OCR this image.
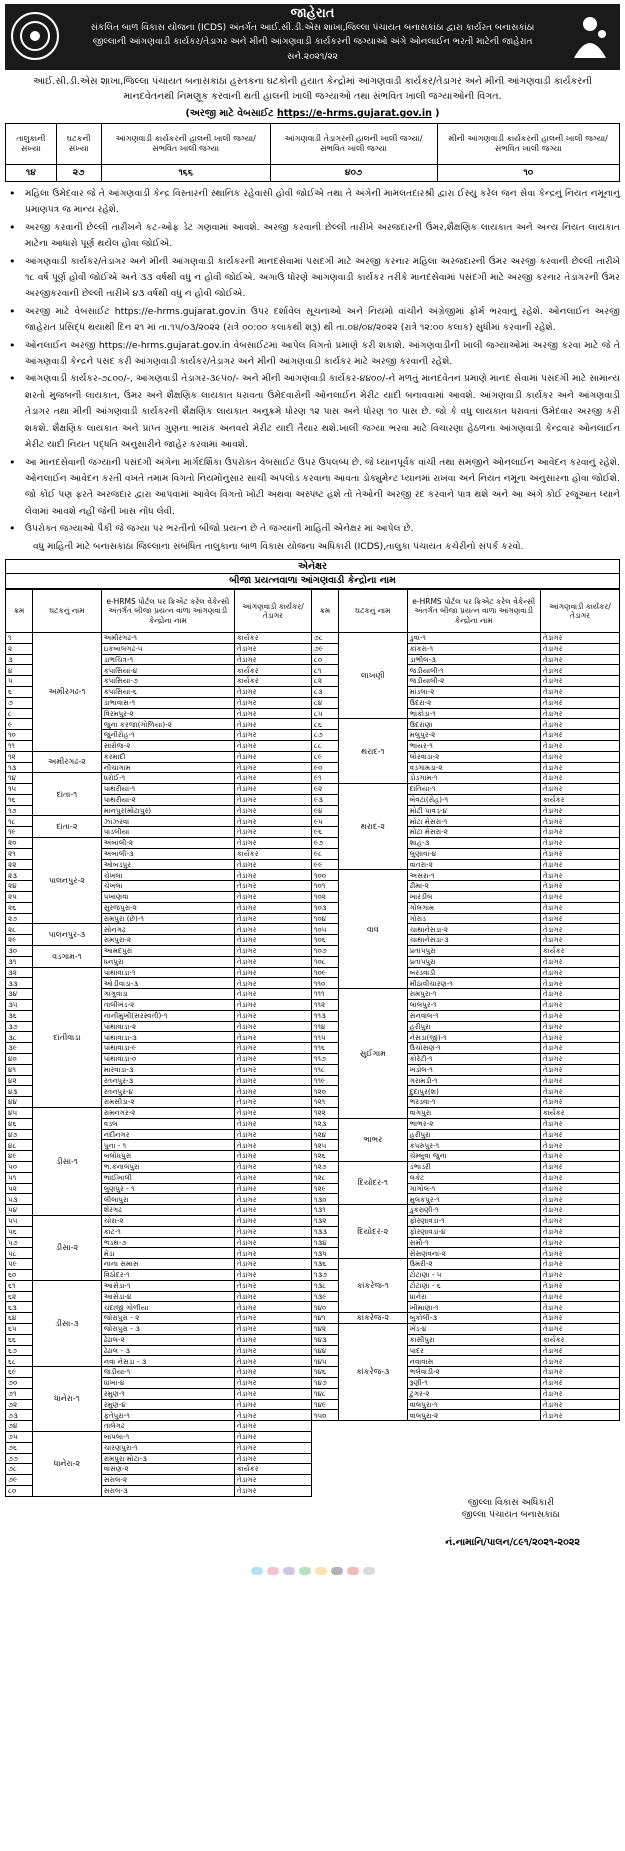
જાહેરાત
સંકલિત બાળ વિકાસ યોજના (ICDS) અંતર્ગત આઈ.સી.ડી.એસ શાખા,જિલ્લા પંચાયત બનાસકાંઠા દ્વારા કાર્યરત બનાસકાંઠા
જીલ્લાની આંગણવાડી કાર્યકર/તેડાગર અને મીની આંગણવાડી કાર્યકરની જગ્યાઓ અંગે ઓનલાઈન ભરતી માટેની જાહેરાત
સને.૨૦૨૧/૨૨
આઈ.સી.ડી.એસ શાખા,જિલ્લા પંચાયત બનાસકાંઠા હસ્તકના ઘટકોની હયાત કેન્દ્રોમાં આંગણવાડી કાર્યકર/તેડાગર અને મીની આંગણવાડી કાર્યકરની માનદવેતનથી નિમણૂક કરવાની થતી હાલની ખાલી જગ્યાઓ તથા સંભવિત ખાલી જગ્યાઓની વિગત.
(અરજી માટે વેબસાઈટ https://e-hrms.gujarat.gov.in )
તાલુકાની સંખ્યા	ઘટકની સંખ્યા	આંગણવાડી કાર્યકરની હાલની ખાલી જગ્યા/ સંભવિત ખાલી જગ્યા	આંગણવાડી તેડાગરની હાલની ખાલી જગ્યા/ સંભવિત ખાલી જગ્યા	મીની આંગણવાડી કાર્યકરની હાલની ખાલી જગ્યા/ સંભવિત ખાલી જગ્યા
૧૪	૨૭	૧૬૬	૪૦૭	૧૦
• મહિલા ઉમેદવાર જે તે આંગણવાડી કેન્દ્ર વિસ્તારની સ્થાનિક રહેવાસી હોવી જોઈએ તથા તે અંગેની મામલતદારશ્રી દ્વારા ઈસ્યુ કરેલ જન સેવા કેન્દ્રનું નિયત નમૂનાનું પ્રમાણપત્ર જ માન્ય રહેશે.
• અરજી કરવાની છેલ્લી તારીખને કટ-ઓફ ડેટ ગણવામાં આવશે. અરજી કરવાની છેલ્લી તારીખે અરજદારની ઉંમર,શૈક્ષણિક લાયકાત અને અન્ય નિયત લાયકાત માટેના આધારો પૂર્ણ થયેલ હોવા જોઈએ.
• આંગણવાડી કાર્યકર/તેડાગર અને મીની આંગણવાડી કાર્યકરની માનદસેવામાં પસંદગી માટે અરજી કરનાર મહિલા અરજદારની ઉંમર અરજી કરવાની છેલ્લી તારીખે ૧૮ વર્ષ પૂર્ણ હોવી જોઈએ અને ૩૩ વર્ષથી વધુ ન હોવી જોઈએ. અગાઉ ધોરણે આંગણવાડી કાર્યકર તરીકે માનદસેવામાં પસંદગી માટે અરજી કરનાર તેડાગરની ઉંમર અરજીકરવાની છેલ્લી તારીખે ૪૩ વર્ષથી વધુ ન હોવી જોઈએ.
• અરજી માટે વેબસાઈટ https://e-hrms.gujarat.gov.in ઉપર દર્શાવેલ સૂચનાઓ અને નિયમો વાંચીને અંગ્રેજીમાં ફોર્મ ભરવાનું રહેશે. ઓનલાઈન અરજી જાહેરાત પ્રસિદ્ધ થયાથી દિન ૨૧ માં તા.૧૫/૦૩/૨૦૨૨ (રાત્રે ૦૦:૦૦ કલાકથી શરૂ) થી તા.૦૪/૦૪/૨૦૨૨ (રાત્રે ૧૨:૦૦ કલાક) સુધીમાં કરવાની રહેશે.
• ઓનલાઈન અરજી https://e-hrms.gujarat.gov.in વેબસાઈટમાં આપેલ વિગતો પ્રમાણે કરી શકાશે. આંગણવાડીની ખાલી જગ્યાઓમાં અરજી કરવા માટે જે તે આંગણવાડી કેન્દ્રને પસંદ કરી આંગણવાડી કાર્યકર/તેડાગર અને મીની આંગણવાડી કાર્યકર માટે અરજી કરવાની રહેશે.
• આંગણવાડી કાર્યકર-૭૮૦૦/-, આંગણવાડી તેડાગર-૩૯૫૦/- અને મીની આંગણવાડી કાર્યકર-૪૪૦૦/-ને મળતું માનદવેતન પ્રમાણે માનદ સેવામાં પસંદગી માટે સામાન્ય શરતો મુજબની લાયકાત, ઉંમર અને શૈક્ષણિક લાયકાત ધરાવતા ઉમેદવારોની ઓનલાઈન મેરીટ યાદી બનાવવામાં આવશે. આંગણવાડી કાર્યકર અને આંગણવાડી તેડાગર તથા મીની આંગણવાડી કાર્યકરની શૈક્ષણિક લાયકાત અનુક્રમે ધોરણ ૧૨ પાસ અને ધોરણ ૧૦ પાસ છે. જો કે વધુ લાયકાત ધરાવતાં ઉમેદવાર અરજી કરી શકશે. શૈક્ષણિક લાયકાત અને પ્રાપ્ત ગુણના ભારાંક અનવયે મેરીટ યાદી તૈયાર થશે.ખાલી જગ્યા ભરવા માટે વિચારણા હેઠળના આંગણવાડી કેન્દ્રવાર ઓનલાઈન મેરીટ યાદી નિયત પદ્ધતિ અનુસારીને જાહેર કરવામાં આવશે.
• આ માનદસેવાની જગ્યાની પસંદગી અંગેના માર્ગદર્શિકા ઉપરોક્ત વેબસાઈટ ઉપર ઉપલબ્ધ છે. જે ધ્યાનપૂર્વક વાંચી તથા સમજીને ઓનલાઈન આવેદન કરવાનું રહેશે. ઓનલાઈન આવેદન કરતી વખતે તમામ વિગતો નિયમોનુસાર સાચી અપલોડ કરવાના આવતા ડોક્યુમેન્ટ ધ્યાનમાં રાખવા અને નિયત નમૂના અનુસારના હોવા જોઈશે. જો કોઈ પણ ફરતે અરજદાર દ્વારા આપવામાં આવેલ વિગતો ખોટી અથવા અસ્પષ્ટ હશે તો તેઓની અરજી રદ કરવાને પાત્ર થશે અને આ અંગે કોઈ રજૂઆત ધ્યાને લેવામાં આવશે નહીં જેની ખાસ નોંધ લેવી.
• ઉપરોક્ત જગ્યાઓ પૈકી જે જગ્યા પર ભરતીનો બીજો પ્રયત્ન છે તે જગ્યાની માહિતી એનેક્ષર માં આપેલ છે.
વધુ માહિતી માટે બનાસકાંઠા જિલ્લાના સંબંધિત તાલુકાના બાળ વિકાસ યોજના અધિકારી (ICDS),તાલુકા પંચાયત કચેરીનો સંપર્ક કરવો.
એનેક્ષર
બીજા પ્રયત્નવાળા આંગણવાડી કેન્દ્રોના નામ
ક્રમ	ઘટકનું નામ	e-HRMS પોર્ટલ પર ક્રિએટ કરેલ વેકેન્સી અંતર્ગત બીજા પ્રયત્ન વાળા આંગણવાડી કેન્દ્રોના નામ	આંગણવાડી કાર્યકર/તેડાગર	ક્રમ	ઘટકનું નામ	e-HRMS પોર્ટલ પર ક્રિએટ કરેલ વેકેન્સી અંતર્ગત બીજા પ્રયત્ન વાળા આંગણવાડી કેન્દ્રોના નામ	આંગણવાડી કાર્યકર/તેડાગર
૧	અમીરગઢ-૧	અમીરગઢ-૧	કાર્યકર	૭૮	લાખણી	ડુવા-૧	તેડાગર
૨		ઇકબાલગઢ-૫	તેડાગર	૭૯		કાંકરા-૧	તેડાગર
૩		ડાભચિત્ર-૧	તેડાગર	૮૦		ડાભીલ-૩	તેડાગર
૪		કપાસિયા-૪	કાર્યકર	૮૧		જડીયાલી-૧	તેડાગર
૫		કપાસિયા-૭	કાર્યકર	૮૨		જડીયાલી-૨	તેડાગર
૬		કપાસિયા-૬	તેડાગર	૮૩		માંડલા-૨	તેડાગર
૭		ડાભાવાસ-૧	તેડાગર	૮૪		ઉંદરા-૨	તેડાગર
૮		વિરમપુર-૨	તેડાગર	૮૫		ભાંકોડા-૧	તેડાગર
૯		જુના કરજા(ગોળિયા)-૨	તેડાગર	૮૬	થરાદ-૧	ઉદરાણા	તેડાગર
૧૦		જુનીરોહ-૧	તેડાગર	૮૭		મલુપુર-૨	તેડાગર
૧૧		સારોજ-૨	તેડાગર	૮૮		ભાયર-૧	તેડાગર
૧૨	અમીરગઢ-૨	કરમાદી	તેડાગર	૮૯		લોરવાડા-૨	તેડાગર
૧૩		નીચાગામ	તેડાગર	૯૦		વડગામડા-૨	તેડાગર
૧૪	દાંતા-૧	ધરોઈ-૧	તેડાગર	૯૧		ડોડગામ-૧	તેડાગર
૧૫		પાથરીયા-૧	તેડાગર	૯૨	થરાદ-૨	દાંતિયા-૧	તેડાગર
૧૬		પાથરીયા-૨	તેડાગર	૯૩		બેવટા(રોહ)-૧	કાર્યકર
૧૭		માનપુર(મોટાપુર)	તેડાગર	૯૪		મોટી પાવડ-૪	તેડાગર
૧૮	દાંતા-૨	ઝાંઝરવા	તેડાગર	૯૫		મોટા મેસરા-૧	તેડાગર
૧૯		પાડલીયા	તેડાગર	૯૬		મોટા મેસરા-૨	તેડાગર
૨૦	પાલનપુર-૨	અંબાલી-૨	તેડાગર	૯૭		શાહ-૩	તેડાગર
૨૧		અંબાલી-૩	કાર્યકર	૯૮		લુણાવા-૪	તેડાગર
૨૨		ઓબડપુર	તેડાગર	૯૯		વાતરા-૨	તેડાગર
૨૩		ચેખલા	તેડાગર	૧૦૦	વાવ	અસરા-૧	તેડાગર
૨૪		ચેખલા	તેડાગર	૧૦૧		ઢીમા-૨	તેડાગર
૨૫		પખાણવા	તેડાગર	૧૦૨		ખારડીલ	તેડાગર
૨૬		સુરજપુરા-૨	તેડાગર	૧૦૩		ગોલગામ	તેડાગર
૨૭		રામપુરા (છે)-૧	તેડાગર	૧૦૪		ગોરાડ	તેડાગર
૨૮	પાલનપુર-૩	સોનગઢ	તેડાગર	૧૦૫		ચાથાનેસડા-૨	તેડાગર
૨૯		રામપુરા-૨	તેડાગર	૧૦૬		ચાથાનેસડા-૩	તેડાગર
૩૦	વડગામ-૧	આમદપુરા	તેડાગર	૧૦૭		પ્રતાપપુરા	કાર્યકર
૩૧		ધનપુરા	તેડાગર	૧૦૮		પ્રતાપપુરા	તેડાગર
૩૨	દાંતીવાડા	પાંથાવાડા-૧	તેડાગર	૧૦૯		બરડવાડી	તેડાગર
૩૩		ઓડીવાડા-૩	તેડાગર	૧૧૦		મીઠાવીચારણ-૧	તેડાગર
૩૪		ગાંગુવાડા	તેડાગર	૧૧૧	સુઈગામ	રામપુરા-૧	તેડાગર
૩૫		તાલીખંડ-૨	તેડાગર	૧૧૨		લાલપુર-૧	તેડાગર
૩૬		નાનીમુખી(સરસ્વતી)-૧	તેડાગર	૧૧૩		સનવાલ-૧	તેડાગર
૩૭		પાંથાવાડા-૨	તેડાગર	૧૧૪		હરીપુરા	તેડાગર
૩૮		પાંથાવાડા-૩	તેડાગર	૧૧૫		નેસડા(જી)-૧	તેડાગર
૩૯		પાંથાવાડા-૯	તેડાગર	૧૧૬		ઉચોસણ-૧	તેડાગર
૪૦		પાંથાવાડા-૦	તેડાગર	૧૧૭		કોરેટી-૧	તેડાગર
૪૧		મારવાડા-૩	તેડાગર	૧૧૮		ખડોલ-૧	તેડાગર
૪૨		રતનપુર-૩	તેડાગર	૧૧૯		ગરામડી-૧	તેડાગર
૪૩		રતનપુર-૪	તેડાગર	૧૨૦		દુદાપુર(શ)	તેડાગર
૪૪		રામસીડા-૨	તેડાગર	૧૨૧		ભરડવા-૧	તેડાગર
૪૫	ડીસા-૧	રામનગર-૨	તેડાગર	૧૨૨		વાગપુરા	કાર્યકર
૪૬		વડલ	તેડાગર	૧૨૩	ભાભર	ભાભર-૨	તેડાગર
૪૭		નંદીનગર	તેડાગર	૧૨૪		હરીપુરા	તેડાગર
૪૮		પુના - ૧	તેડાગર	૧૨૫		કપરુપુર-૧	તેડાગર
૪૯		બલોધપુરા	તેડાગર	૧૨૬		ચેમ્બુવા જુના	તેડાગર
૫૦		ભ.કનાલપુરા	તેડાગર	૧૨૭	દિયોદર-૧	ડભાડરી	તેડાગર
૫૧		ભાઈખાલી	તેડાગર	૧૨૮		લંકેટ	તેડાગર
૫૨		લુણપુર - ૧	તેડાગર	૧૨૯		ગાગોલ-૧	તેડાગર
૫૩		લીલાપુરા	તેડાગર	૧૩૦		મુલકપુર-૧	તેડાગર
૫૪		શેરગઢ	તેડાગર	૧૩૧	દિયોદર-૨	ડુકરાણી-૧	તેડાગર
૫૫	ડીસા-૨	ચોરા-૨	તેડાગર	૧૩૨		ફોરણાવડા-૧	તેડાગર
૫૬		કાંટ-૧	તેડાગર	૧૩૩		ફોરણાવડા-૪	તેડાગર
૫૭		ભડથ-૭	તેડાગર	૧૩૪		સમૌ-૧	તેડાગર
૫૮		મેડા	તેડાગર	૧૩૫		સેસણવના-૨	તેડાગર
૫૯		નાના સમાસ	તેડાગર	૧૩૬	કાંકરેજ-૧	ઉમરી-૨	તેડાગર
૬૦		વિઠોદર-૧	તેડાગર	૧૩૭		ટોટાણા - ૫	તેડાગર
૬૧	ડીસા-૩	આસેડા-૧	તેડાગર	૧૩૮		ટોટાણા - ૬	તેડાગર
૬૨		આસેડા-૪	તેડાગર	૧૩૯		ધાનેરા	તેડાગર
૬૩		ચંદાજી ગોળીયા	તેડાગર	૧૪૦		ખીમાણા-૧	તેડાગર
૬૪		જોરાપુરા - ૨	તેડાગર	૧૪૧	કાંકરેજ-૨	બુકોલી-૩	તેડાગર
૬૫		જોરાપુરા - ૩	તેડાગર	૧૪૨	કાંકરેજ-૩	ખેંડ-૪	તેડાગર
૬૬		ઢેઢાલ-૨	તેડાગર	૧૪૩		કાસીપુરા	કાર્યકર
૬૭		ઢેઢાલ - ૩	તેડાગર	૧૪૪		પાદર	તેડાગર
૬૮		નવા નેસડા - ૩	તેડાગર	૧૪૫		નવાવાસ	તેડાગર
૬૯	ધાનેરા-૧	જડીયા-૧	તેડાગર	૧૪૬		ભલેવાડી-૨	તેડાગર
૭૦		ધાખા-૪	તેડાગર	૧૪૭		રૂણી-૧	તેડાગર
૭૧		રમુણ-૧	તેડાગર	૧૪૮		ટુંગર-૨	તેડાગર
૭૨		રમુણ-૪	તેડાગર	૧૪૯		વાલપુરા-૧	તેડાગર
૭૩		ફતેપુરા-૧	તેડાગર	૧૫૦		વાલપુરા-૨	તેડાગર
૭૪		તાલેગઢ	તેડાગર				
૭૫	ધાનેરા-૨	બાપલા-૧	તેડાગર				
૭૬		ચારણપુરા-૧	તેડાગર				
૭૭		રામપુરા મોટા-૩	તેડાગર				
૭૮		વાસણ-૨	કાર્યકર				
૭૯		સરાલ-૨	તેડાગર				
૮૦		સરાલ-૩	તેડાગર				
જીલ્લા વિકાસ અધિકારી
જીલ્લા પંચાયત બનાસકાંઠા
નં.નામાનિ/પાલન/૮૯૧/૨૦૨૧-૨૦૨૨
